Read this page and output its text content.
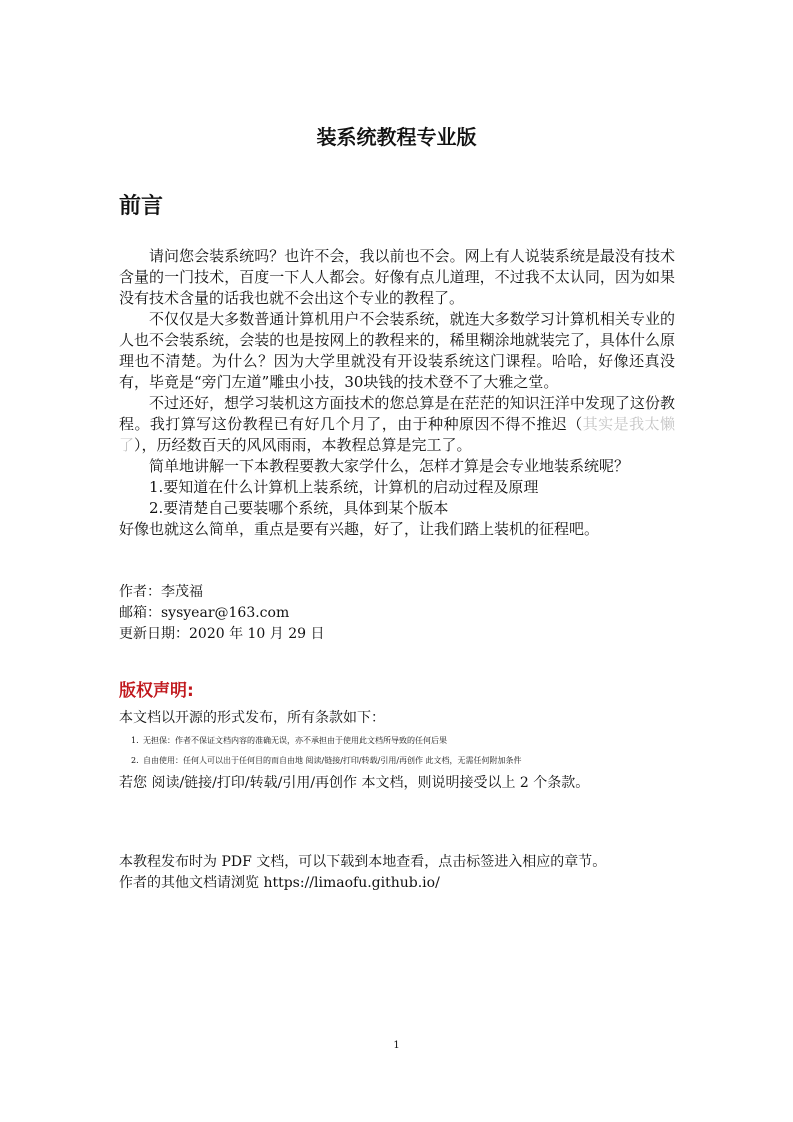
装系统教程专业版
前言

请问您会装系统吗？也许不会，我以前也不会。网上有人说装系统是最没有技术含量的一门技术，百度一下人人都会。好像有点儿道理，不过我不太认同，因为如果没有技术含量的话我也就不会出这个专业的教程了。

不仅仅是大多数普通计算机用户不会装系统，就连大多数学习计算机相关专业的人也不会装系统，会装的也是按网上的教程来的，稀里糊涂地就装完了，具体什么原理也不清楚。为什么？因为大学里就没有开设装系统这门课程。哈哈，好像还真没有，毕竟是“旁门左道”雕虫小技，30块钱的技术登不了大雅之堂。

不过还好，想学习装机这方面技术的您总算是在茫茫的知识汪洋中发现了这份教程。我打算写这份教程已有好几个月了，由于种种原因不得不推迟（其实是我太懒了），历经数百天的风风雨雨，本教程总算是完工了。

简单地讲解一下本教程要教大家学什么，怎样才算是会专业地装系统呢？

1.要知道在什么计算机上装系统，计算机的启动过程及原理

2.要清楚自己要装哪个系统，具体到某个版本

好像也就这么简单，重点是要有兴趣，好了，让我们踏上装机的征程吧。

作者：李茂福
邮箱：sysyear@163.com
更新日期：2020 年 10 月 29 日
版权声明:
本文档以开源的形式发布，所有条款如下：
1. 无担保：作者不保证文档内容的准确无误，亦不承担由于使用此文档所导致的任何后果
2. 自由使用：任何人可以出于任何目的而自由地 阅读/链接/打印/转载/引用/再创作 此文档，无需任何附加条件
若您 阅读/链接/打印/转载/引用/再创作 本文档，则说明接受以上 2 个条款。
本教程发布时为 PDF 文档，可以下载到本地查看，点击标签进入相应的章节。
作者的其他文档请浏览 https://limaofu.github.io/
1
